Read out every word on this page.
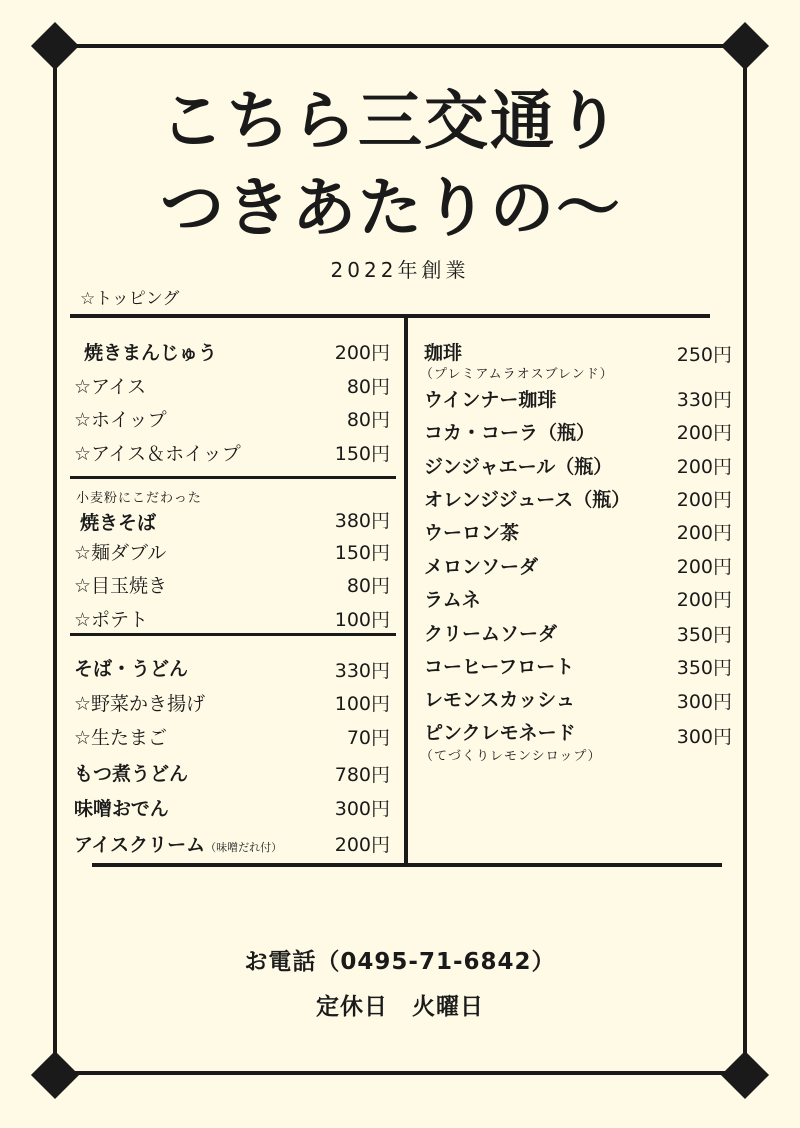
こちら三交通り
つきあたりの〜
2022年創業
☆トッピング
焼きまんじゅう	200円
☆アイス	80円
☆ホイップ	80円
☆アイス＆ホイップ	150円
小麦粉にこだわった
焼きそば	380円
☆麺ダブル	150円
☆目玉焼き	80円
☆ポテト	100円
そば・うどん	330円
☆野菜かき揚げ	100円
☆生たまご	70円
もつ煮うどん	780円
味噌おでん	300円
アイスクリーム（味噌だれ付）	200円
珈琲	250円
（プレミアムラオスブレンド）
ウインナー珈琲	330円
コカ・コーラ（瓶）	200円
ジンジャエール（瓶）	200円
オレンジジュース（瓶） 200円
ウーロン茶	200円
メロンソーダ	200円
ラムネ	200円
クリームソーダ	350円
コーヒーフロート	350円
レモンスカッシュ	300円
ピンクレモネード	300円
（てづくりレモンシロップ）
お電話（0495-71-6842）
定休日　火曜日
